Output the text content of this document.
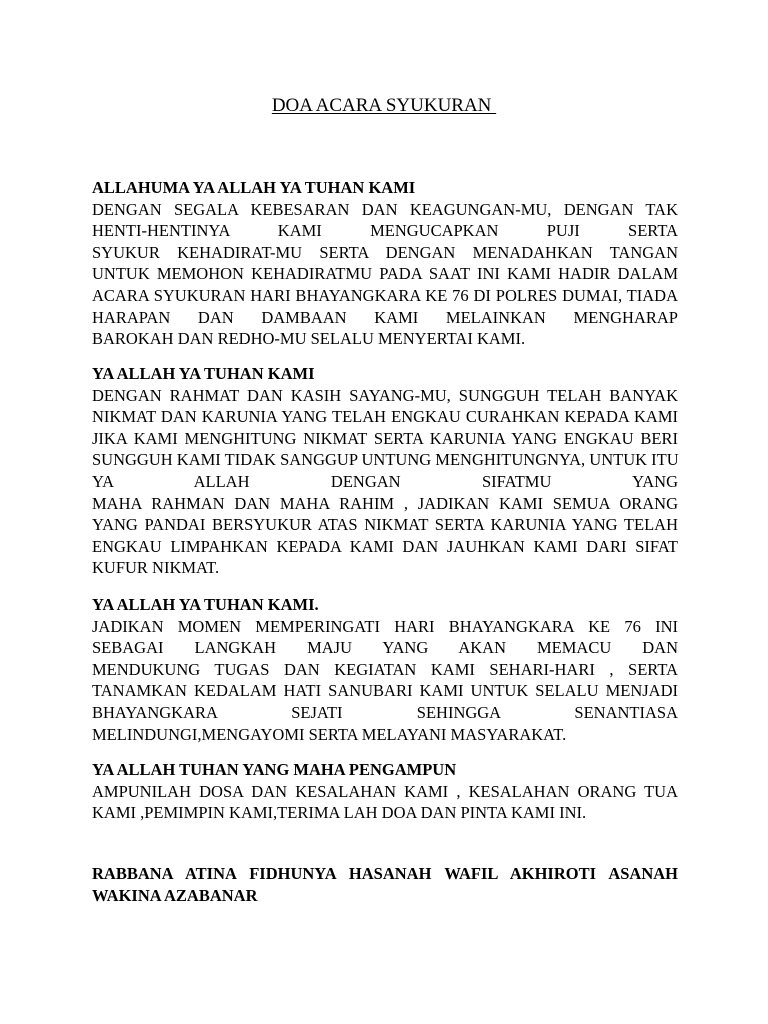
DOA ACARA SYUKURAN
ALLAHUMA YA ALLAH YA TUHAN KAMI
DENGAN SEGALA KEBESARAN DAN KEAGUNGAN-MU, DENGAN TAK
HENTI-HENTINYA KAMI MENGUCAPKAN PUJI SERTA
SYUKUR KEHADIRAT-MU SERTA DENGAN MENADAHKAN TANGAN
UNTUK MEMOHON KEHADIRATMU PADA SAAT INI KAMI HADIR DALAM
ACARA SYUKURAN HARI BHAYANGKARA KE 76 DI POLRES DUMAI, TIADA
HARAPAN DAN DAMBAAN KAMI MELAINKAN MENGHARAP
BAROKAH DAN REDHO-MU SELALU MENYERTAI KAMI.
YA ALLAH YA TUHAN KAMI
DENGAN RAHMAT DAN KASIH SAYANG-MU, SUNGGUH TELAH BANYAK
NIKMAT DAN KARUNIA YANG TELAH ENGKAU CURAHKAN KEPADA KAMI
JIKA KAMI MENGHITUNG NIKMAT SERTA KARUNIA YANG ENGKAU BERI
SUNGGUH KAMI TIDAK SANGGUP UNTUNG MENGHITUNGNYA, UNTUK ITU
YA ALLAH DENGAN SIFATMU YANG
MAHA RAHMAN DAN MAHA RAHIM , JADIKAN KAMI SEMUA ORANG
YANG PANDAI BERSYUKUR ATAS NIKMAT SERTA KARUNIA YANG TELAH
ENGKAU LIMPAHKAN KEPADA KAMI DAN JAUHKAN KAMI DARI SIFAT
KUFUR NIKMAT.
YA ALLAH YA TUHAN KAMI.
JADIKAN MOMEN MEMPERINGATI HARI BHAYANGKARA KE 76 INI
SEBAGAI LANGKAH MAJU YANG AKAN MEMACU DAN
MENDUKUNG TUGAS DAN KEGIATAN KAMI SEHARI-HARI , SERTA
TANAMKAN KEDALAM HATI SANUBARI KAMI UNTUK SELALU MENJADI
BHAYANGKARA SEJATI SEHINGGA SENANTIASA
MELINDUNGI,MENGAYOMI SERTA MELAYANI MASYARAKAT.
YA ALLAH TUHAN YANG MAHA PENGAMPUN
AMPUNILAH DOSA DAN KESALAHAN KAMI , KESALAHAN ORANG TUA
KAMI ,PEMIMPIN KAMI,TERIMA LAH DOA DAN PINTA KAMI INI.
RABBANA ATINA FIDHUNYA HASANAH WAFIL AKHIROTI ASANAH
WAKINA AZABANAR
